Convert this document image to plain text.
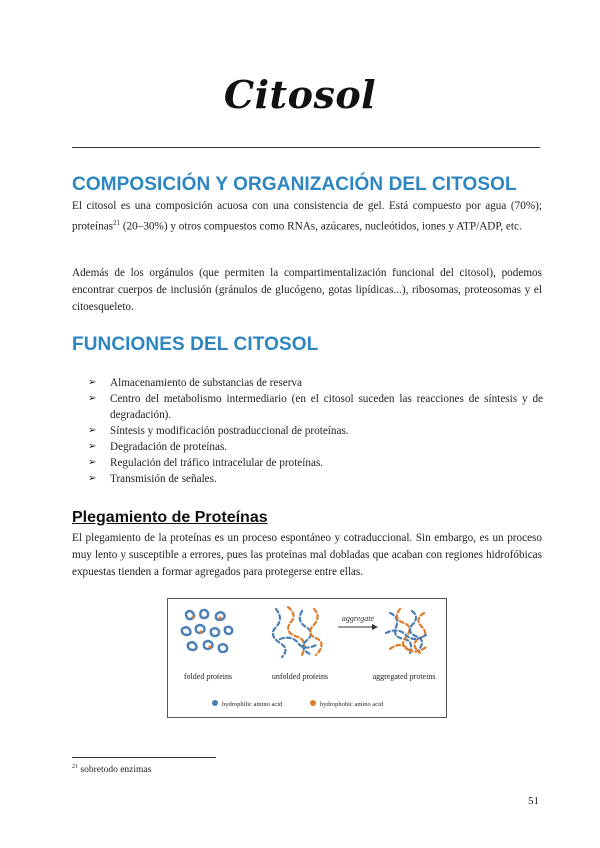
Citosol
COMPOSICIÓN Y ORGANIZACIÓN DEL CITOSOL
El citosol es una composición acuosa con una consistencia de gel. Está compuesto por agua (70%); proteínas$^{21}$ (20–30%) y otros compuestos como RNAs, azúcares, nucleótidos, iones y ATP/ADP, etc.
Además de los orgánulos (que permiten la compartimentalización funcional del citosol), podemos encontrar cuerpos de inclusión (gránulos de glucógeno, gotas lipídicas...), ribosomas, proteosomas y el citoesqueleto.
FUNCIONES DEL CITOSOL
➢ Almacenamiento de substancias de reserva
➢ Centro del metabolismo intermediario (en el citosol suceden las reacciones de síntesis y de degradación).
➢ Síntesis y modificación postraduccional de proteínas.
➢ Degradación de proteínas.
➢ Regulación del tráfico intracelular de proteínas.
➢ Transmisión de señales.
Plegamiento de Proteínas
El plegamiento de la proteínas es un proceso espontáneo y cotraduccional. Sin embargo, es un proceso muy lento y susceptible a errores, pues las proteínas mal dobladas que acaban con regiones hidrofóbicas expuestas tienden a formar agregados para protegerse entre ellas.
aggregate
folded proteins	unfolded proteins	aggregated proteins
hydrophilic amino acid	hydrophobic amino acid
$^{21}$ sobretodo enzimas
51
